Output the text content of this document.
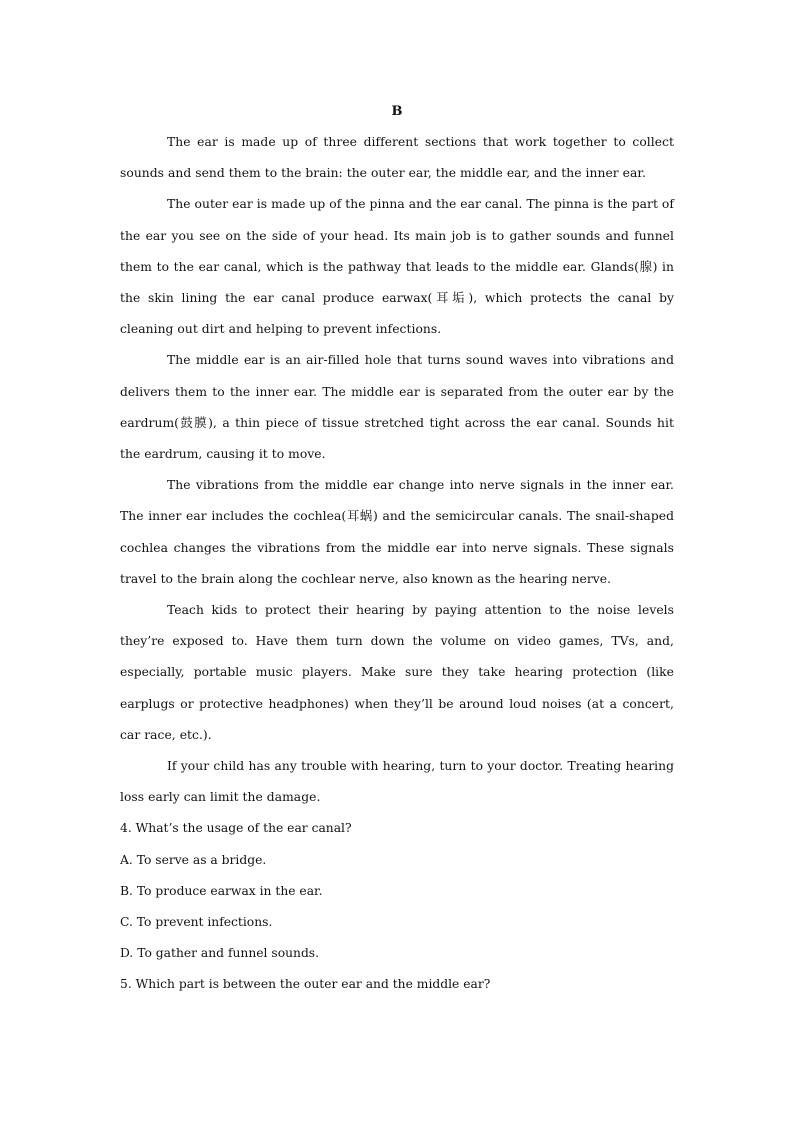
B

The ear is made up of three different sections that work together to collect sounds and send them to the brain: the outer ear, the middle ear, and the inner ear.

The outer ear is made up of the pinna and the ear canal. The pinna is the part of the ear you see on the side of your head. Its main job is to gather sounds and funnel them to the ear canal, which is the pathway that leads to the middle ear. Glands(腺) in the skin lining the ear canal produce earwax(耳垢), which protects the canal by cleaning out dirt and helping to prevent infections.

The middle ear is an air-filled hole that turns sound waves into vibrations and delivers them to the inner ear. The middle ear is separated from the outer ear by the eardrum(鼓膜), a thin piece of tissue stretched tight across the ear canal. Sounds hit the eardrum, causing it to move.

The vibrations from the middle ear change into nerve signals in the inner ear. The inner ear includes the cochlea(耳蜗) and the semicircular canals. The snail-shaped cochlea changes the vibrations from the middle ear into nerve signals. These signals travel to the brain along the cochlear nerve, also known as the hearing nerve.

Teach kids to protect their hearing by paying attention to the noise levels they’re exposed to. Have them turn down the volume on video games, TVs, and, especially, portable music players. Make sure they take hearing protection (like earplugs or protective headphones) when they’ll be around loud noises (at a concert, car race, etc.).

If your child has any trouble with hearing, turn to your doctor. Treating hearing loss early can limit the damage.

4. What’s the usage of the ear canal?

A. To serve as a bridge.

B. To produce earwax in the ear.

C. To prevent infections.

D. To gather and funnel sounds.

5. Which part is between the outer ear and the middle ear?
